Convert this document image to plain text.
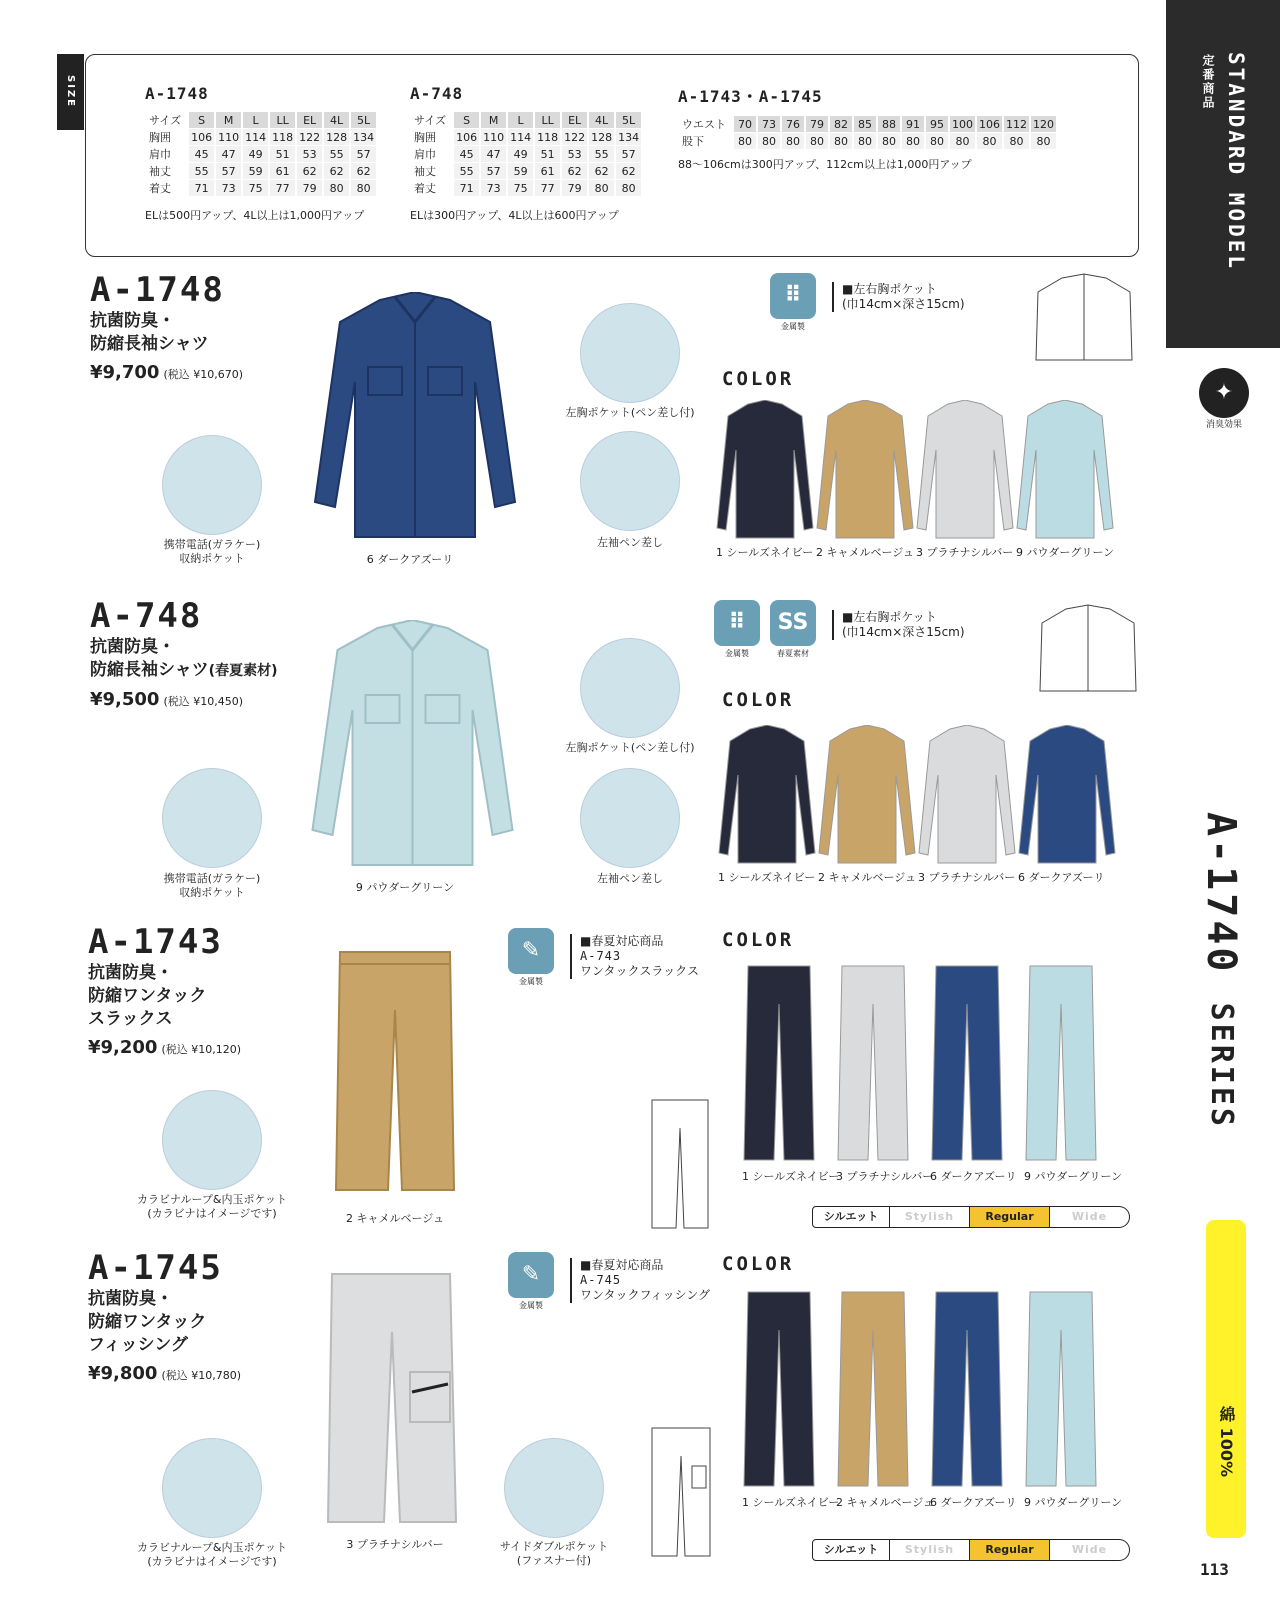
SIZE	A-1748
サイズ	S	M	L	LL	EL	4L	5L
胸囲	106	110	114	118	122	128	134
肩巾	45	47	49	51	53	55	57
袖丈	55	57	59	61	62	62	62
着丈	71	73	75	77	79	80	80
ELは500円アップ、4L以上は1,000円アップ
A-748
サイズ	S	M	L	LL	EL	4L	5L
胸囲	106	110	114	118	122	128	134
肩巾	45	47	49	51	53	55	57
袖丈	55	57	59	61	62	62	62
着丈	71	73	75	77	79	80	80
ELは300円アップ、4L以上は600円アップ
A-1743・A-1745
ウエスト	70	73	76	79	82	85	88	91	95	100	106	112	120
股下	80	80	80	80	80	80	80	80	80	80	80	80	80
88〜106cmは300円アップ、112cm以上は1,000円アップ	STANDARD MODEL
定番商品
✦
消臭効果
A-1740 SERIES
綿 100%
113
A-1748
抗菌防臭・
防縮長袖シャツ
¥9,700 (税込 ¥10,670)
6 ダークアズーリ
左胸ポケット(ペン差し付)
左袖ペン差し
携帯電話(ガラケー)
収納ポケット
⠿
金属製
■左右胸ポケット
(巾14cm×深さ15cm)
COLOR
1 シールズネイビー 2 キャメルベージュ 3 プラチナシルバー 9 パウダーグリーン
A-748
抗菌防臭・
防縮長袖シャツ(春夏素材)
¥9,500 (税込 ¥10,450)
9 パウダーグリーン
左胸ポケット(ペン差し付)
左袖ペン差し
携帯電話(ガラケー)
収納ポケット
⠿
金属製
SS
春夏素材
■左右胸ポケット
(巾14cm×深さ15cm)
COLOR
1 シールズネイビー 2 キャメルベージュ 3 プラチナシルバー 6 ダークアズーリ
A-1743
抗菌防臭・
防縮ワンタック
スラックス
¥9,200 (税込 ¥10,120)
2 キャメルベージュ
カラビナループ&内玉ポケット
(カラビナはイメージです)
✎
金属製
■春夏対応商品
A-743
ワンタックスラックス
COLOR
1 シールズネイビー
3 プラチナシルバー
6 ダークアズーリ 9 パウダーグリーン
シルエット	Stylish	Regular	Wide
A-1745
抗菌防臭・
防縮ワンタック
フィッシング
¥9,800 (税込 ¥10,780)
3 プラチナシルバー
カラビナループ&内玉ポケット
(カラビナはイメージです)
サイドダブルポケット
(ファスナー付)
✎
金属製
■春夏対応商品
A-745
ワンタックフィッシング
COLOR
1 シールズネイビー
2 キャメルベージュ
6 ダークアズーリ 9 パウダーグリーン
シルエット	Stylish	Regular	Wide
